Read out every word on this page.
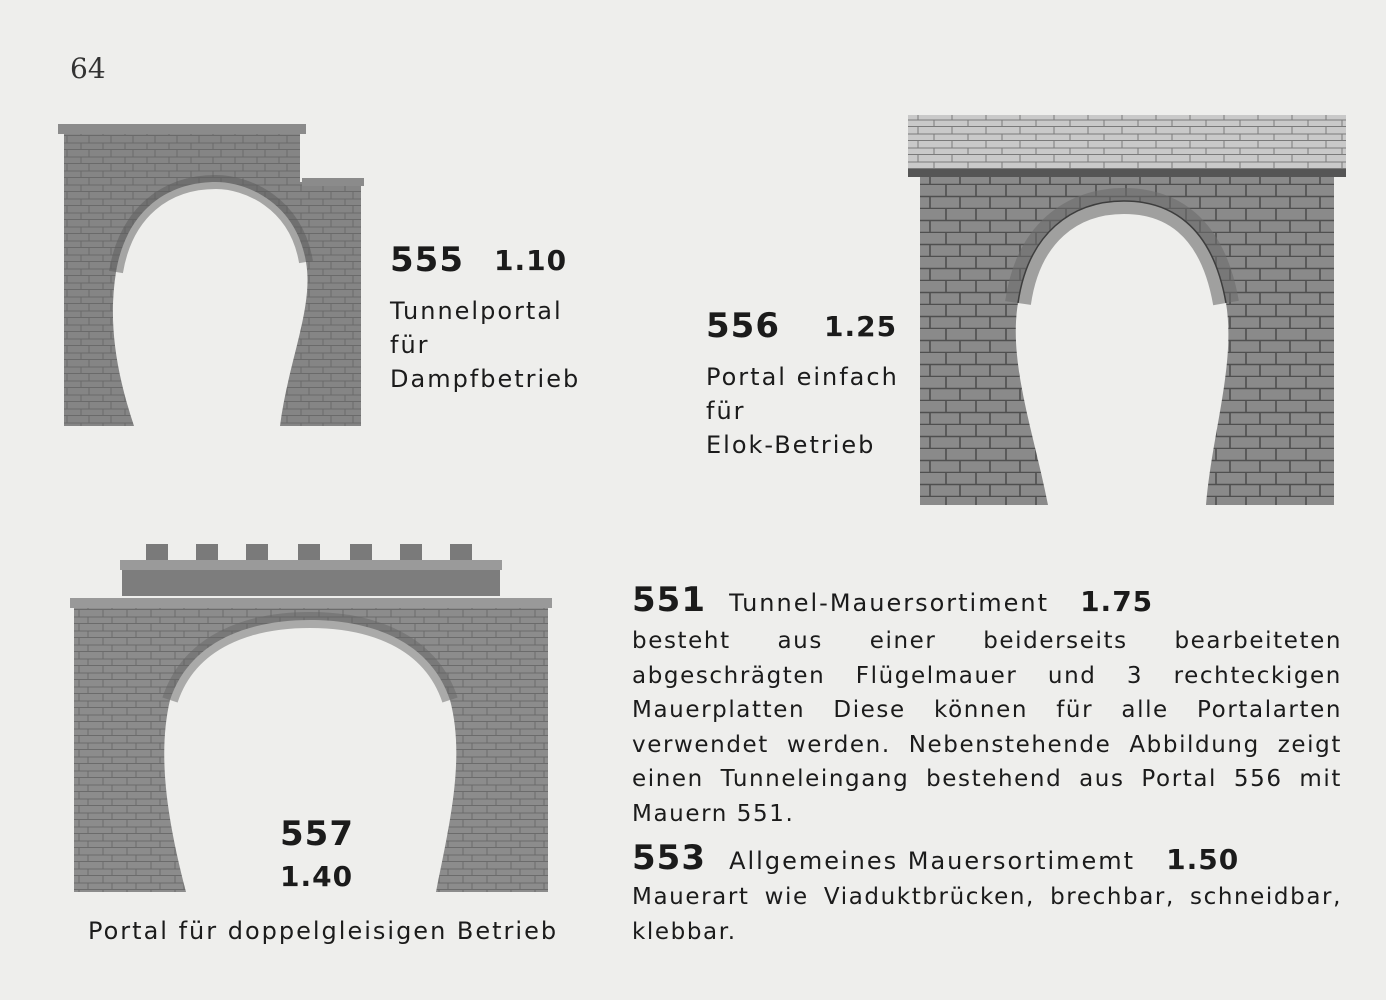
64
555 1.10
Tunnelportal
für
Dampfbetrieb
556 1.25
Portal einfach
für
Elok-Betrieb
557
1.40
Portal für doppelgleisigen Betrieb
551 Tunnel-Mauersortiment 1.75

besteht aus einer beiderseits bearbeiteten abgeschrägten Flügelmauer und 3 rechteckigen Mauerplatten Diese können für alle Portalarten verwendet werden. Nebenstehende Abbildung zeigt einen Tunneleingang bestehend aus Portal 556 mit Mauern 551.

553 Allgemeines Mauersortimemt 1.50

Mauerart wie Viaduktbrücken, brechbar, schneidbar, klebbar.
